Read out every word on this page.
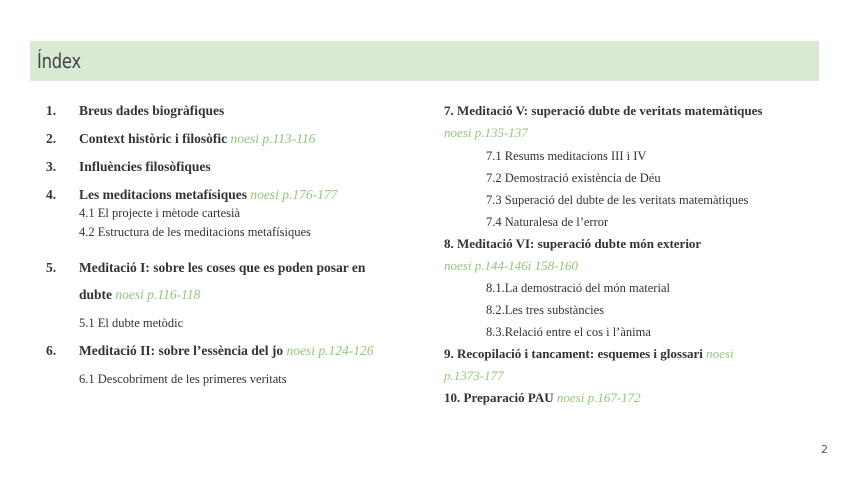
Índex
1. Breus dades biogràfiques
2. Context històric i filosòfic noesi p.113-116
3. Influències filosòfiques
4. Les meditacions metafísiques noesi p.176-177
4.1 El projecte i mètode cartesià
4.2 Estructura de les meditacions metafísiques
5. Meditació I: sobre les coses que es poden posar en
dubte noesi p.116-118
5.1 El dubte metòdic
6. Meditació II: sobre l’essència del jo noesi p.124-126
6.1 Descobriment de les primeres veritats
7. Meditació V: superació dubte de veritats matemàtiques
noesi p.135-137
7.1 Resums meditacions III i IV
7.2 Demostració existència de Déu
7.3 Superació del dubte de les veritats matemàtiques
7.4 Naturalesa de l’error
8. Meditació VI: superació dubte món exterior
noesi p.144-146i 158-160
8.1.La demostració del món material
8.2.Les tres substàncies
8.3.Relació entre el cos i l’ànima
9. Recopilació i tancament: esquemes i glossari noesi
p.1373-177
10. Preparació PAU noesi p.167-172
2
